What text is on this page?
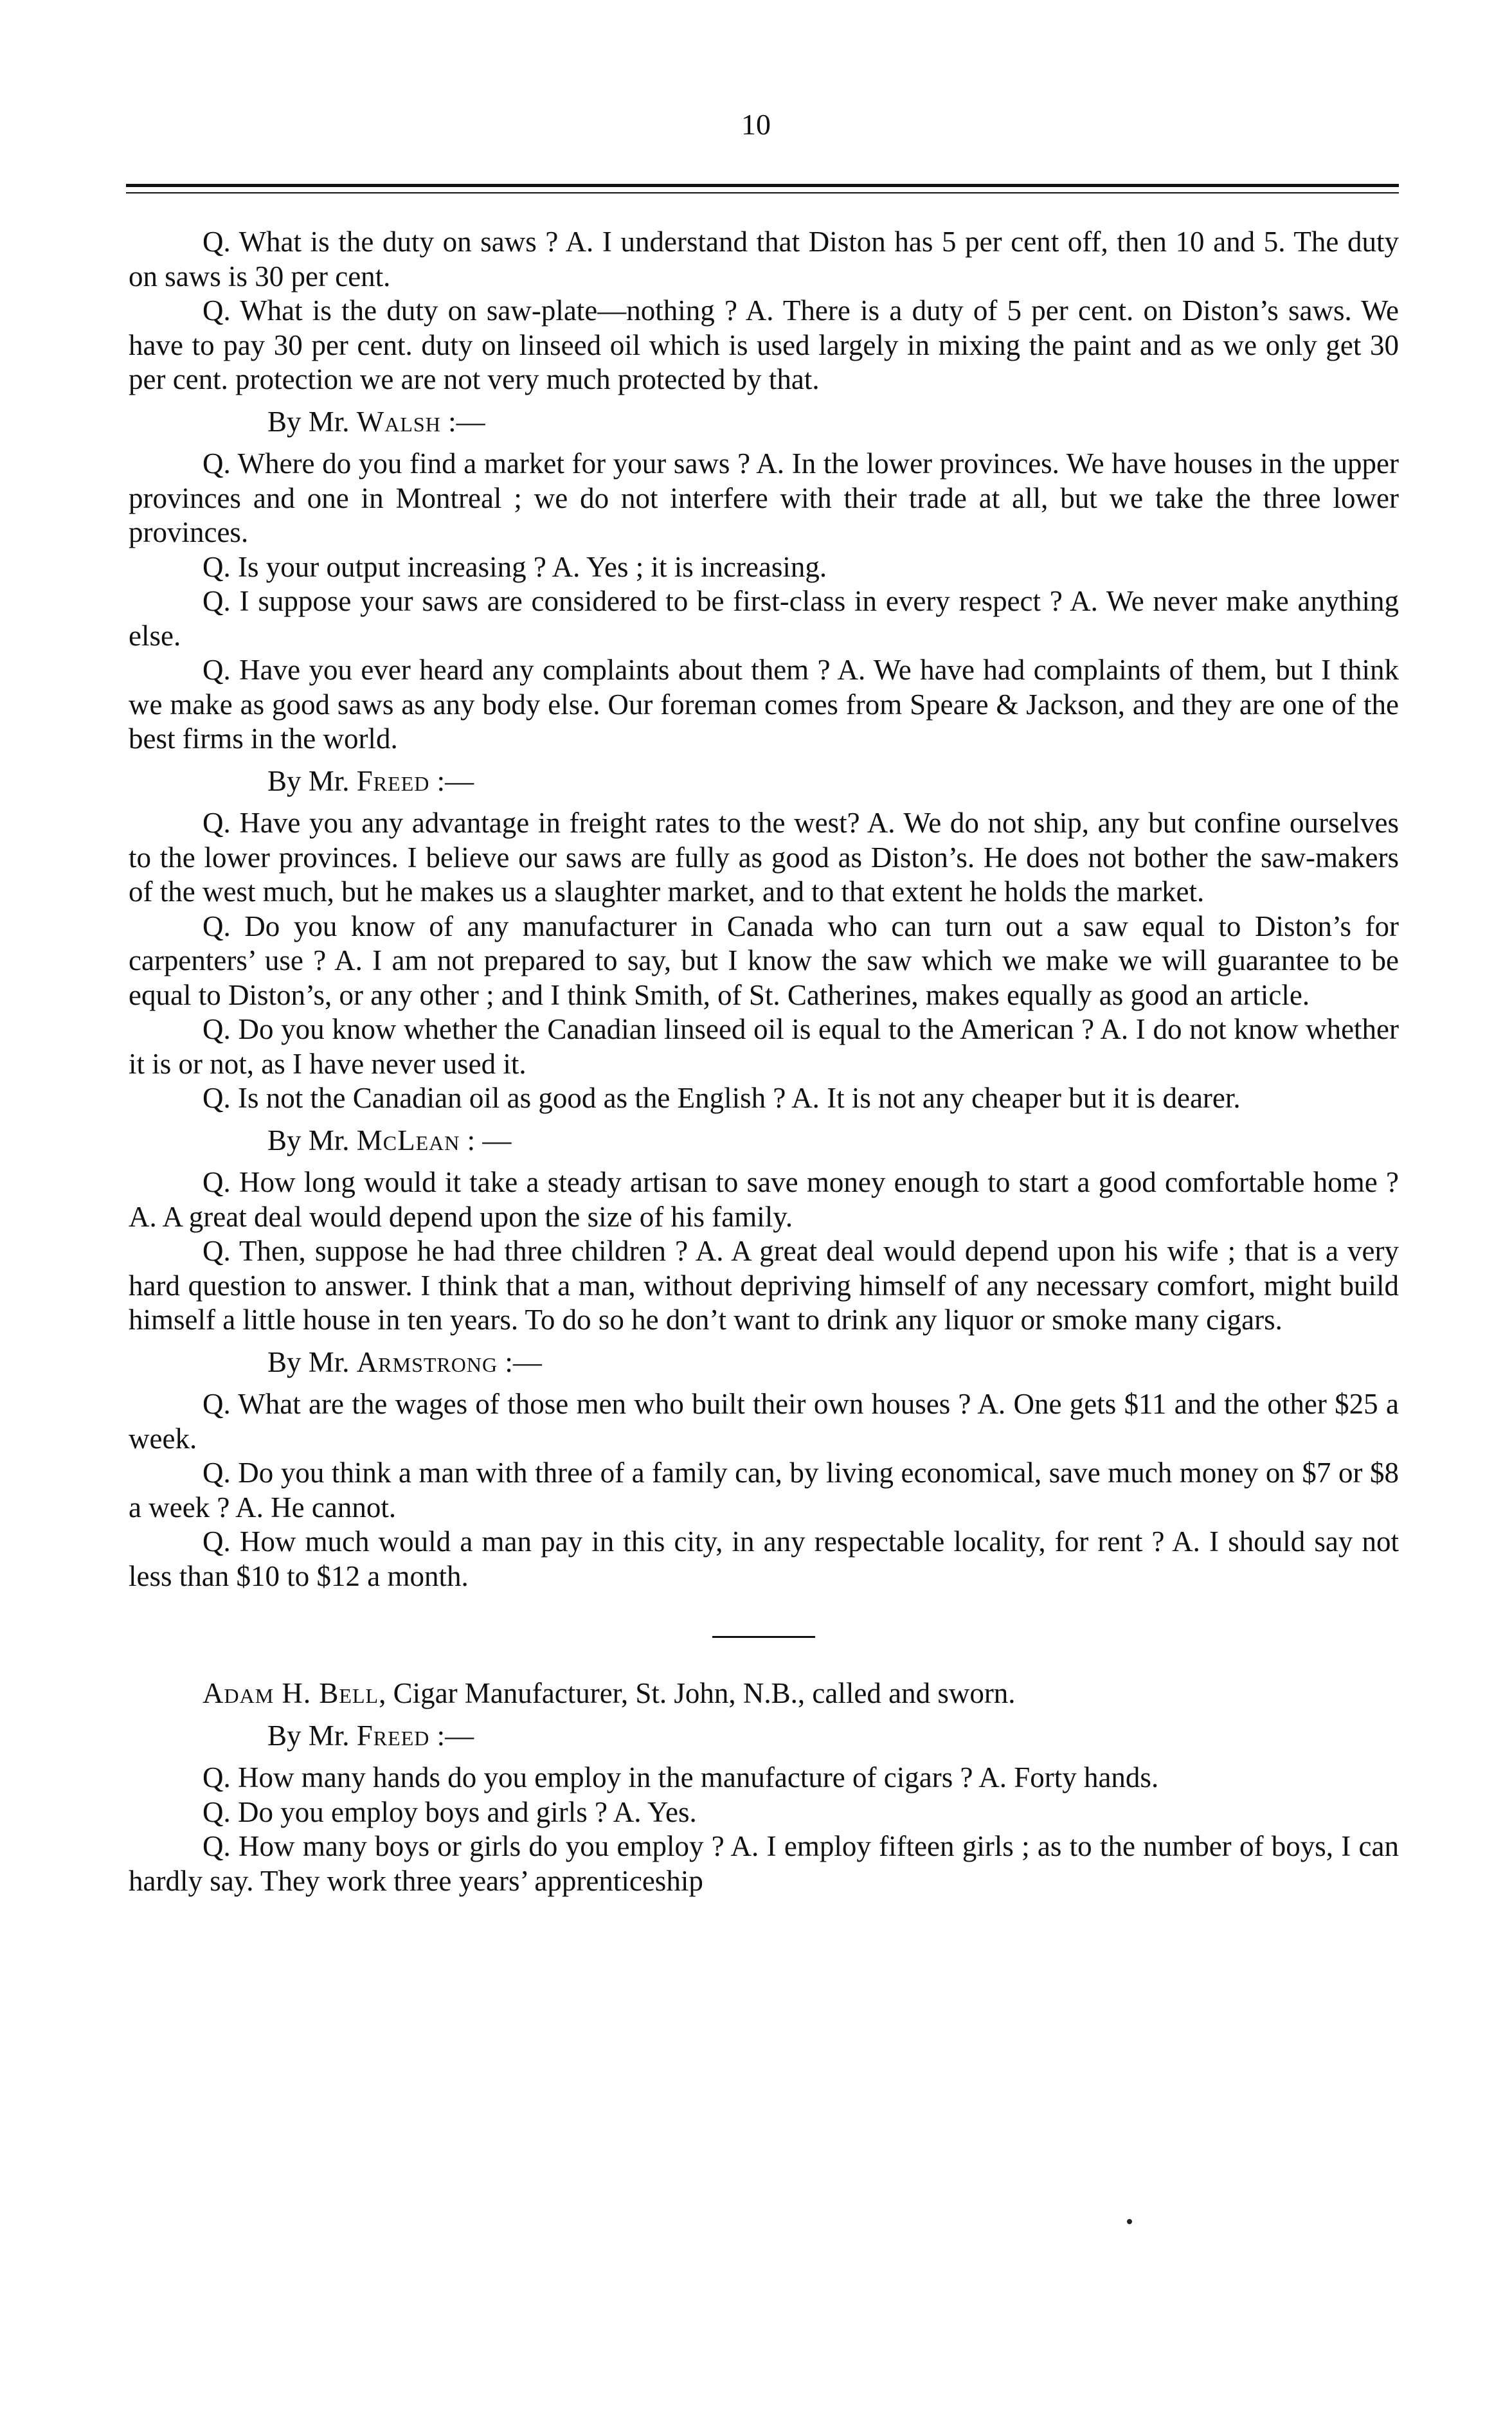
10

Q. What is the duty on saws ? A. I understand that Diston has 5 per cent off, then 10 and 5. The duty on saws is 30 per cent.

Q. What is the duty on saw-plate—nothing ? A. There is a duty of 5 per cent. on Diston’s saws. We have to pay 30 per cent. duty on linseed oil which is used largely in mixing the paint and as we only get 30 per cent. protection we are not very much protected by that.

By Mr. Walsh :—

Q. Where do you find a market for your saws ? A. In the lower provinces. We have houses in the upper provinces and one in Montreal ; we do not interfere with their trade at all, but we take the three lower provinces.

Q. Is your output increasing ? A. Yes ; it is increasing.

Q. I suppose your saws are considered to be first-class in every respect ? A. We never make anything else.

Q. Have you ever heard any complaints about them ? A. We have had complaints of them, but I think we make as good saws as any body else. Our foreman comes from Speare & Jackson, and they are one of the best firms in the world.

By Mr. Freed :—

Q. Have you any advantage in freight rates to the west? A. We do not ship, any but confine ourselves to the lower provinces. I believe our saws are fully as good as Diston’s. He does not bother the saw-makers of the west much, but he makes us a slaughter market, and to that extent he holds the market.

Q. Do you know of any manufacturer in Canada who can turn out a saw equal to Diston’s for carpenters’ use ? A. I am not prepared to say, but I know the saw which we make we will guarantee to be equal to Diston’s, or any other ; and I think Smith, of St. Catherines, makes equally as good an article.

Q. Do you know whether the Canadian linseed oil is equal to the American ? A. I do not know whether it is or not, as I have never used it.

Q. Is not the Canadian oil as good as the English ? A. It is not any cheaper but it is dearer.

By Mr. McLean : —

Q. How long would it take a steady artisan to save money enough to start a good comfortable home ? A. A great deal would depend upon the size of his family.

Q. Then, suppose he had three children ? A. A great deal would depend upon his wife ; that is a very hard question to answer. I think that a man, without depriving himself of any necessary comfort, might build himself a little house in ten years. To do so he don’t want to drink any liquor or smoke many cigars.

By Mr. Armstrong :—

Q. What are the wages of those men who built their own houses ? A. One gets $11 and the other $25 a week.

Q. Do you think a man with three of a family can, by living economical, save much money on $7 or $8 a week ? A. He cannot.

Q. How much would a man pay in this city, in any respectable locality, for rent ? A. I should say not less than $10 to $12 a month.

Adam H. Bell, Cigar Manufacturer, St. John, N.B., called and sworn.

By Mr. Freed :—

Q. How many hands do you employ in the manufacture of cigars ? A. Forty hands.

Q. Do you employ boys and girls ? A. Yes.

Q. How many boys or girls do you employ ? A. I employ fifteen girls ; as to the number of boys, I can hardly say. They work three years’ apprenticeship
